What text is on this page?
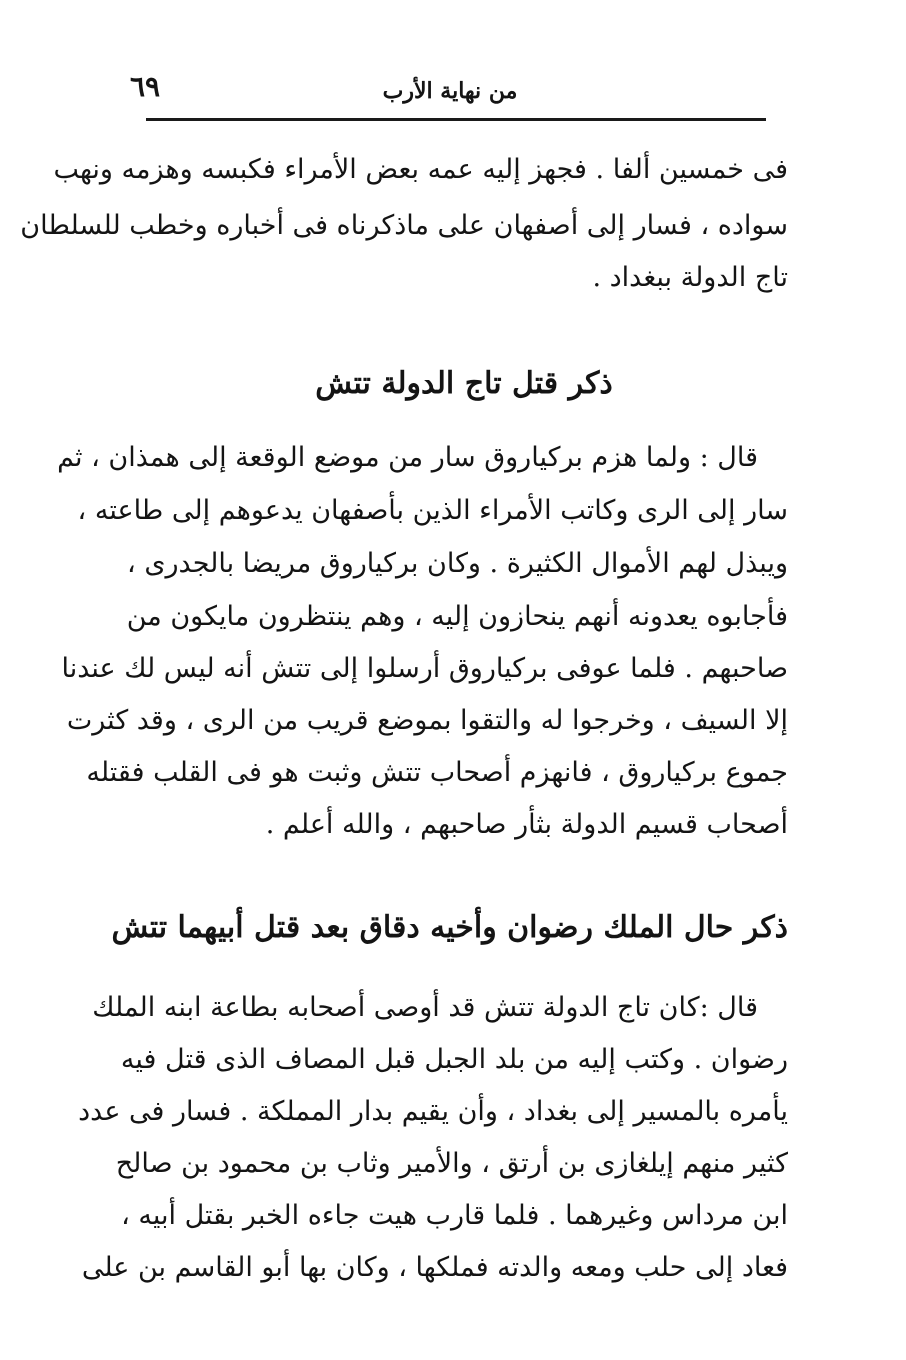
٦٩	من نهاية الأرب
فى خمسين ألفا . فجهز إليه عمه بعض الأمراء فكبسه وهزمه ونهب
سواده ، فسار إلى أصفهان على ماذكرناه فى أخباره وخطب للسلطان
تاج الدولة ببغداد .
ذكر قتل تاج الدولة تتش
قال : ولما هزم بركياروق سار من موضع الوقعة إلى همذان ، ثم
سار إلى الرى وكاتب الأمراء الذين بأصفهان يدعوهم إلى طاعته ،
ويبذل لهم الأموال الكثيرة . وكان بركياروق مريضا بالجدرى ،
فأجابوه يعدونه أنهم ينحازون إليه ، وهم ينتظرون مايكون من
صاحبهم . فلما عوفى بركياروق أرسلوا إلى تتش أنه ليس لك عندنا
إلا السيف ، وخرجوا له والتقوا بموضع قريب من الرى ، وقد كثرت
جموع بركياروق ، فانهزم أصحاب تتش وثبت هو فى القلب فقتله
أصحاب قسيم الدولة بثأر صاحبهم ، والله أعلم .
ذكر حال الملك رضوان وأخيه دقاق بعد قتل أبيهما تتش
قال :كان تاج الدولة تتش قد أوصى أصحابه بطاعة ابنه الملك
رضوان . وكتب إليه من بلد الجبل قبل المصاف الذى قتل فيه
يأمره بالمسير إلى بغداد ، وأن يقيم بدار المملكة . فسار فى عدد
كثير منهم إيلغازى بن أرتق ، والأمير وثاب بن محمود بن صالح
ابن مرداس وغيرهما . فلما قارب هيت جاءه الخبر بقتل أبيه ،
فعاد إلى حلب ومعه والدته فملكها ، وكان بها أبو القاسم بن على
